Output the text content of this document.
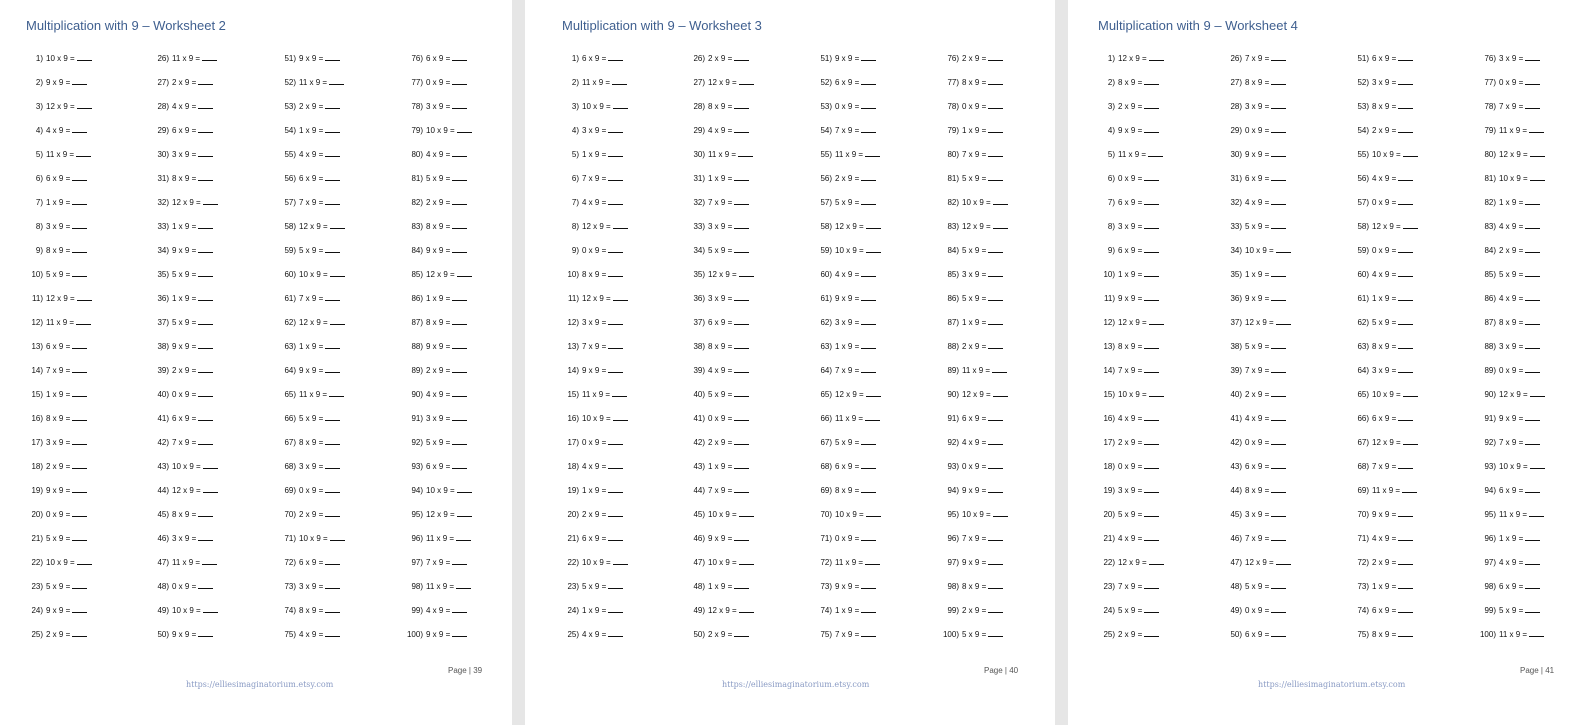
Multiplication with 9 – Worksheet 2
1) 10 x 9 =
2) 9 x 9 =
3) 12 x 9 =
4) 4 x 9 =
5) 11 x 9 =
6) 6 x 9 =
7) 1 x 9 =
8) 3 x 9 =
9) 8 x 9 =
10) 5 x 9 =
11) 12 x 9 =
12) 11 x 9 =
13) 6 x 9 =
14) 7 x 9 =
15) 1 x 9 =
16) 8 x 9 =
17) 3 x 9 =
18) 2 x 9 =
19) 9 x 9 =
20) 0 x 9 =
21) 5 x 9 =
22) 10 x 9 =
23) 5 x 9 =
24) 9 x 9 =
25) 2 x 9 =
26) 11 x 9 =
27) 2 x 9 =
28) 4 x 9 =
29) 6 x 9 =
30) 3 x 9 =
31) 8 x 9 =
32) 12 x 9 =
33) 1 x 9 =
34) 9 x 9 =
35) 5 x 9 =
36) 1 x 9 =
37) 5 x 9 =
38) 9 x 9 =
39) 2 x 9 =
40) 0 x 9 =
41) 6 x 9 =
42) 7 x 9 =
43) 10 x 9 =
44) 12 x 9 =
45) 8 x 9 =
46) 3 x 9 =
47) 11 x 9 =
48) 0 x 9 =
49) 10 x 9 =
50) 9 x 9 =
51) 9 x 9 =
52) 11 x 9 =
53) 2 x 9 =
54) 1 x 9 =
55) 4 x 9 =
56) 6 x 9 =
57) 7 x 9 =
58) 12 x 9 =
59) 5 x 9 =
60) 10 x 9 =
61) 7 x 9 =
62) 12 x 9 =
63) 1 x 9 =
64) 9 x 9 =
65) 11 x 9 =
66) 5 x 9 =
67) 8 x 9 =
68) 3 x 9 =
69) 0 x 9 =
70) 2 x 9 =
71) 10 x 9 =
72) 6 x 9 =
73) 3 x 9 =
74) 8 x 9 =
75) 4 x 9 =
76) 6 x 9 =
77) 0 x 9 =
78) 3 x 9 =
79) 10 x 9 =
80) 4 x 9 =
81) 5 x 9 =
82) 2 x 9 =
83) 8 x 9 =
84) 9 x 9 =
85) 12 x 9 =
86) 1 x 9 =
87) 8 x 9 =
88) 9 x 9 =
89) 2 x 9 =
90) 4 x 9 =
91) 3 x 9 =
92) 5 x 9 =
93) 6 x 9 =
94) 10 x 9 =
95) 12 x 9 =
96) 11 x 9 =
97) 7 x 9 =
98) 11 x 9 =
99) 4 x 9 =
100) 9 x 9 =
Page | 39
https://elliesimaginatorium.etsy.com
Multiplication with 9 – Worksheet 3
1) 6 x 9 =
2) 11 x 9 =
3) 10 x 9 =
4) 3 x 9 =
5) 1 x 9 =
6) 7 x 9 =
7) 4 x 9 =
8) 12 x 9 =
9) 0 x 9 =
10) 8 x 9 =
11) 12 x 9 =
12) 3 x 9 =
13) 7 x 9 =
14) 9 x 9 =
15) 11 x 9 =
16) 10 x 9 =
17) 0 x 9 =
18) 4 x 9 =
19) 1 x 9 =
20) 2 x 9 =
21) 6 x 9 =
22) 10 x 9 =
23) 5 x 9 =
24) 1 x 9 =
25) 4 x 9 =
26) 2 x 9 =
27) 12 x 9 =
28) 8 x 9 =
29) 4 x 9 =
30) 11 x 9 =
31) 1 x 9 =
32) 7 x 9 =
33) 3 x 9 =
34) 5 x 9 =
35) 12 x 9 =
36) 3 x 9 =
37) 6 x 9 =
38) 8 x 9 =
39) 4 x 9 =
40) 5 x 9 =
41) 0 x 9 =
42) 2 x 9 =
43) 1 x 9 =
44) 7 x 9 =
45) 10 x 9 =
46) 9 x 9 =
47) 10 x 9 =
48) 1 x 9 =
49) 12 x 9 =
50) 2 x 9 =
51) 9 x 9 =
52) 6 x 9 =
53) 0 x 9 =
54) 7 x 9 =
55) 11 x 9 =
56) 2 x 9 =
57) 5 x 9 =
58) 12 x 9 =
59) 10 x 9 =
60) 4 x 9 =
61) 9 x 9 =
62) 3 x 9 =
63) 1 x 9 =
64) 7 x 9 =
65) 12 x 9 =
66) 11 x 9 =
67) 5 x 9 =
68) 6 x 9 =
69) 8 x 9 =
70) 10 x 9 =
71) 0 x 9 =
72) 11 x 9 =
73) 9 x 9 =
74) 1 x 9 =
75) 7 x 9 =
76) 2 x 9 =
77) 8 x 9 =
78) 0 x 9 =
79) 1 x 9 =
80) 7 x 9 =
81) 5 x 9 =
82) 10 x 9 =
83) 12 x 9 =
84) 5 x 9 =
85) 3 x 9 =
86) 5 x 9 =
87) 1 x 9 =
88) 2 x 9 =
89) 11 x 9 =
90) 12 x 9 =
91) 6 x 9 =
92) 4 x 9 =
93) 0 x 9 =
94) 9 x 9 =
95) 10 x 9 =
96) 7 x 9 =
97) 9 x 9 =
98) 8 x 9 =
99) 2 x 9 =
100) 5 x 9 =
Page | 40
https://elliesimaginatorium.etsy.com
Multiplication with 9 – Worksheet 4
1) 12 x 9 =
2) 8 x 9 =
3) 2 x 9 =
4) 9 x 9 =
5) 11 x 9 =
6) 0 x 9 =
7) 6 x 9 =
8) 3 x 9 =
9) 6 x 9 =
10) 1 x 9 =
11) 9 x 9 =
12) 12 x 9 =
13) 8 x 9 =
14) 7 x 9 =
15) 10 x 9 =
16) 4 x 9 =
17) 2 x 9 =
18) 0 x 9 =
19) 3 x 9 =
20) 5 x 9 =
21) 4 x 9 =
22) 12 x 9 =
23) 7 x 9 =
24) 5 x 9 =
25) 2 x 9 =
26) 7 x 9 =
27) 8 x 9 =
28) 3 x 9 =
29) 0 x 9 =
30) 9 x 9 =
31) 6 x 9 =
32) 4 x 9 =
33) 5 x 9 =
34) 10 x 9 =
35) 1 x 9 =
36) 9 x 9 =
37) 12 x 9 =
38) 5 x 9 =
39) 7 x 9 =
40) 2 x 9 =
41) 4 x 9 =
42) 0 x 9 =
43) 6 x 9 =
44) 8 x 9 =
45) 3 x 9 =
46) 7 x 9 =
47) 12 x 9 =
48) 5 x 9 =
49) 0 x 9 =
50) 6 x 9 =
51) 6 x 9 =
52) 3 x 9 =
53) 8 x 9 =
54) 2 x 9 =
55) 10 x 9 =
56) 4 x 9 =
57) 0 x 9 =
58) 12 x 9 =
59) 0 x 9 =
60) 4 x 9 =
61) 1 x 9 =
62) 5 x 9 =
63) 8 x 9 =
64) 3 x 9 =
65) 10 x 9 =
66) 6 x 9 =
67) 12 x 9 =
68) 7 x 9 =
69) 11 x 9 =
70) 9 x 9 =
71) 4 x 9 =
72) 2 x 9 =
73) 1 x 9 =
74) 6 x 9 =
75) 8 x 9 =
76) 3 x 9 =
77) 0 x 9 =
78) 7 x 9 =
79) 11 x 9 =
80) 12 x 9 =
81) 10 x 9 =
82) 1 x 9 =
83) 4 x 9 =
84) 2 x 9 =
85) 5 x 9 =
86) 4 x 9 =
87) 8 x 9 =
88) 3 x 9 =
89) 0 x 9 =
90) 12 x 9 =
91) 9 x 9 =
92) 7 x 9 =
93) 10 x 9 =
94) 6 x 9 =
95) 11 x 9 =
96) 1 x 9 =
97) 4 x 9 =
98) 6 x 9 =
99) 5 x 9 =
100) 11 x 9 =
Page | 41
https://elliesimaginatorium.etsy.com
